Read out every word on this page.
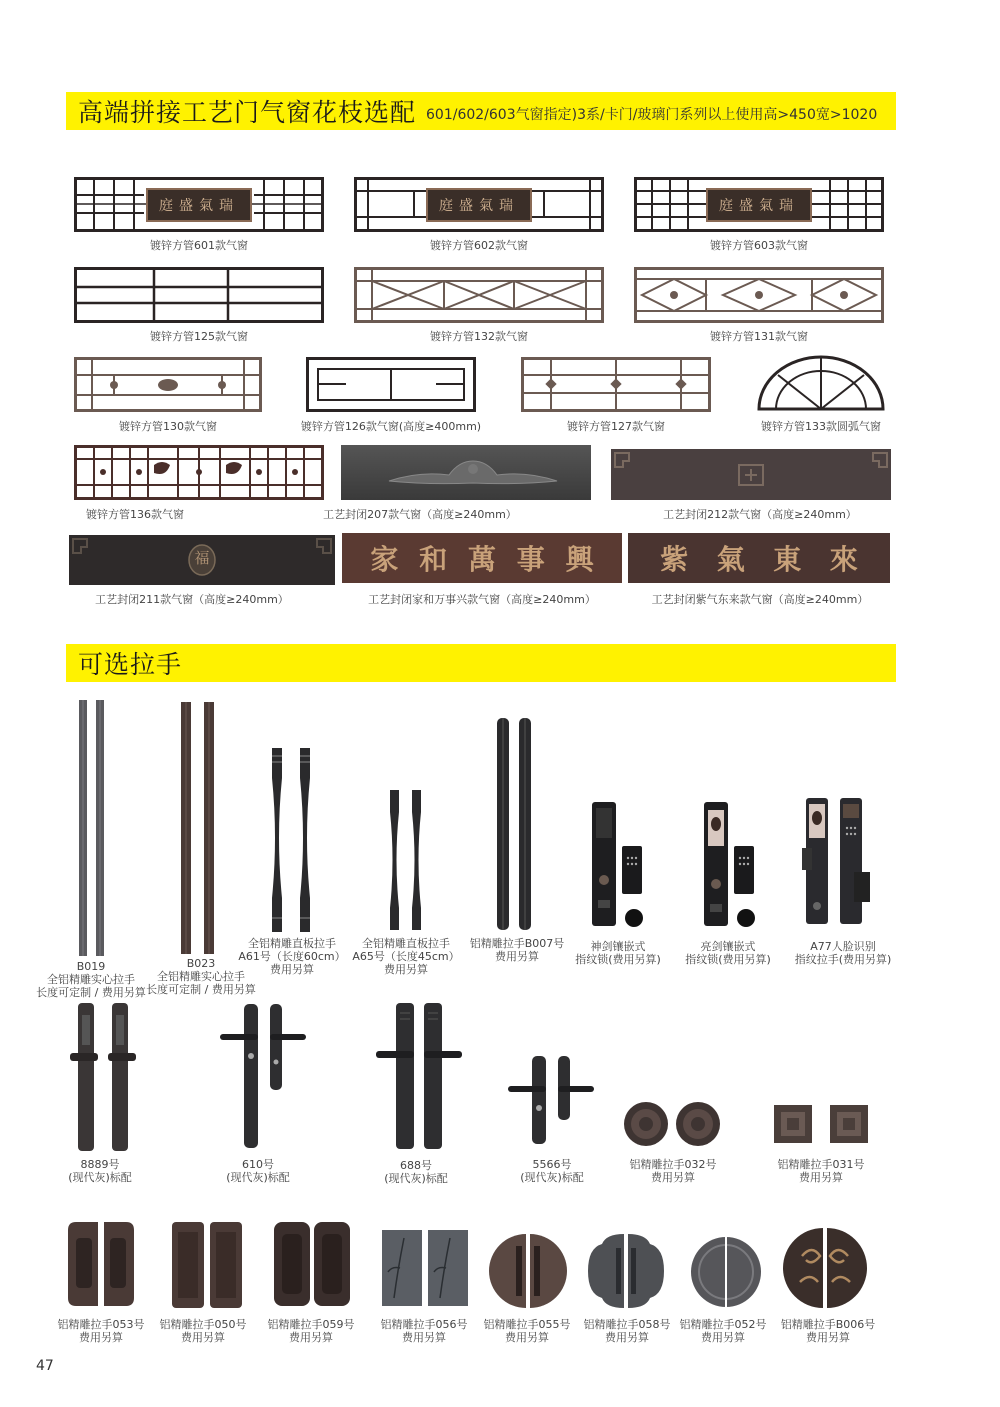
高端拼接工艺门气窗花枝选配 601/602/603气窗指定)3系/卡门/玻璃门系列以上使用高>450宽>1020
庭盛氣瑞
镀锌方管601款气窗
庭盛氣瑞
镀锌方管602款气窗
庭盛氣瑞
镀锌方管603款气窗
镀锌方管125款气窗	镀锌方管132款气窗	镀锌方管131款气窗
镀锌方管130款气窗	镀锌方管126款气窗(高度≥400mm)	镀锌方管127款气窗	镀锌方管133款圆弧气窗
镀锌方管136款气窗	工艺封闭207款气窗（高度≥240mm）	工艺封闭212款气窗（高度≥240mm）
福
工艺封闭211款气窗（高度≥240mm）
家 和 萬 事 興
工艺封闭家和万事兴款气窗（高度≥240mm）
紫 氣 東 來
工艺封闭紫气东来款气窗（高度≥240mm）
可选拉手
B019
全铝精雕实心拉手
长度可定制 / 费用另算
B023
全铝精雕实心拉手
长度可定制 / 费用另算
全铝精雕直板拉手
A61号（长度60cm）
费用另算
全铝精雕直板拉手
A65号（长度45cm）
费用另算
铝精雕拉手B007号
费用另算
神剑镶嵌式
指纹锁(费用另算)
亮剑镶嵌式
指纹锁(费用另算)
A77人脸识别
指纹拉手(费用另算)
8889号
(现代灰)标配
610号
(现代灰)标配
688号
(现代灰)标配
5566号
(现代灰)标配
铝精雕拉手032号
费用另算
铝精雕拉手031号
费用另算
铝精雕拉手053号
费用另算
铝精雕拉手050号
费用另算
铝精雕拉手059号
费用另算
铝精雕拉手056号
费用另算
铝精雕拉手055号
费用另算
铝精雕拉手058号
费用另算
铝精雕拉手052号
费用另算
铝精雕拉手B006号
费用另算
47
